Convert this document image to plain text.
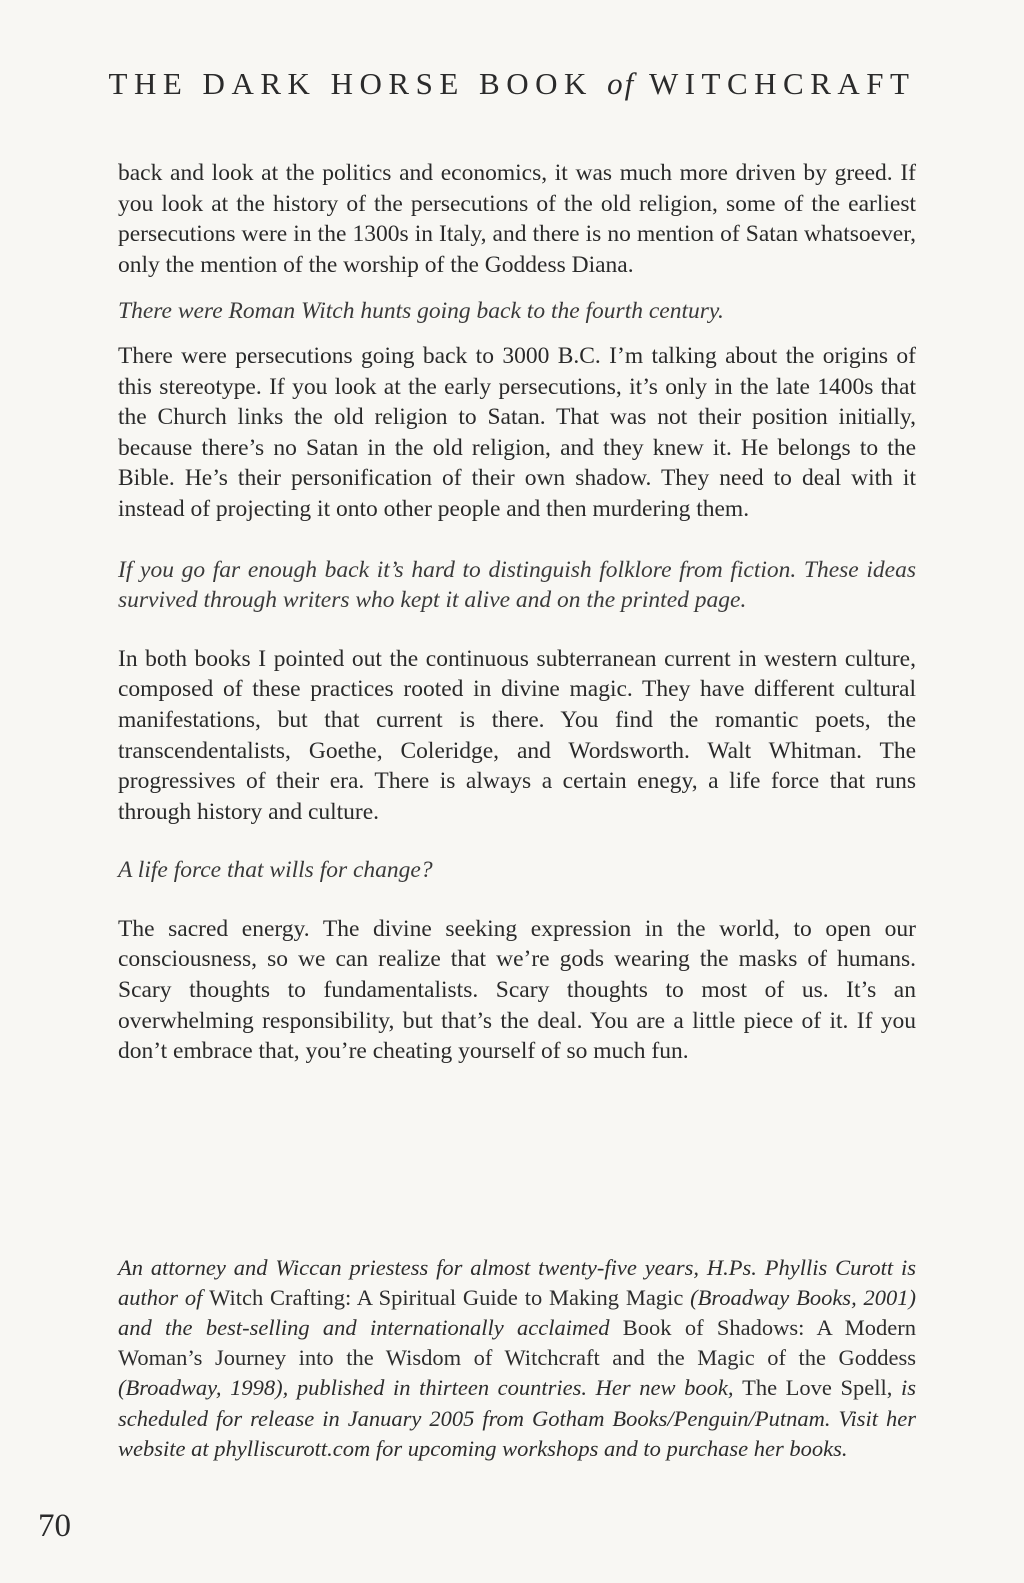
THE DARK HORSE BOOK of WITCHCRAFT

back and look at the politics and economics, it was much more driven by greed. If you look at the history of the persecutions of the old religion, some of the earliest persecutions were in the 1300s in Italy, and there is no mention of Satan whatsoever, only the mention of the worship of the Goddess Diana.

There were Roman Witch hunts going back to the fourth century.

There were persecutions going back to 3000 B.C. I’m talking about the origins of this stereotype. If you look at the early persecutions, it’s only in the late 1400s that the Church links the old religion to Satan. That was not their position initially, because there’s no Satan in the old religion, and they knew it. He belongs to the Bible. He’s their personification of their own shadow. They need to deal with it instead of projecting it onto other people and then murdering them.

If you go far enough back it’s hard to distinguish folklore from fiction. These ideas survived through writers who kept it alive and on the printed page.

In both books I pointed out the continuous subterranean current in western culture, composed of these practices rooted in divine magic. They have different cultural manifestations, but that current is there. You find the romantic poets, the transcendentalists, Goethe, Coleridge, and Wordsworth. Walt Whitman. The progressives of their era. There is always a certain enegy, a life force that runs through history and culture.

A life force that wills for change?

The sacred energy. The divine seeking expression in the world, to open our consciousness, so we can realize that we’re gods wearing the masks of humans. Scary thoughts to fundamentalists. Scary thoughts to most of us. It’s an overwhelming responsibility, but that’s the deal. You are a little piece of it. If you don’t embrace that, you’re cheating yourself of so much fun.

An attorney and Wiccan priestess for almost twenty-five years, H.Ps. Phyllis Curott is author of Witch Crafting: A Spiritual Guide to Making Magic (Broadway Books, 2001) and the best-selling and internationally acclaimed Book of Shadows: A Modern Woman’s Journey into the Wisdom of Witchcraft and the Magic of the Goddess (Broadway, 1998), published in thirteen countries. Her new book, The Love Spell, is scheduled for release in January 2005 from Gotham Books/Penguin/Putnam. Visit her website at phylliscurott.com for upcoming workshops and to purchase her books.

70
